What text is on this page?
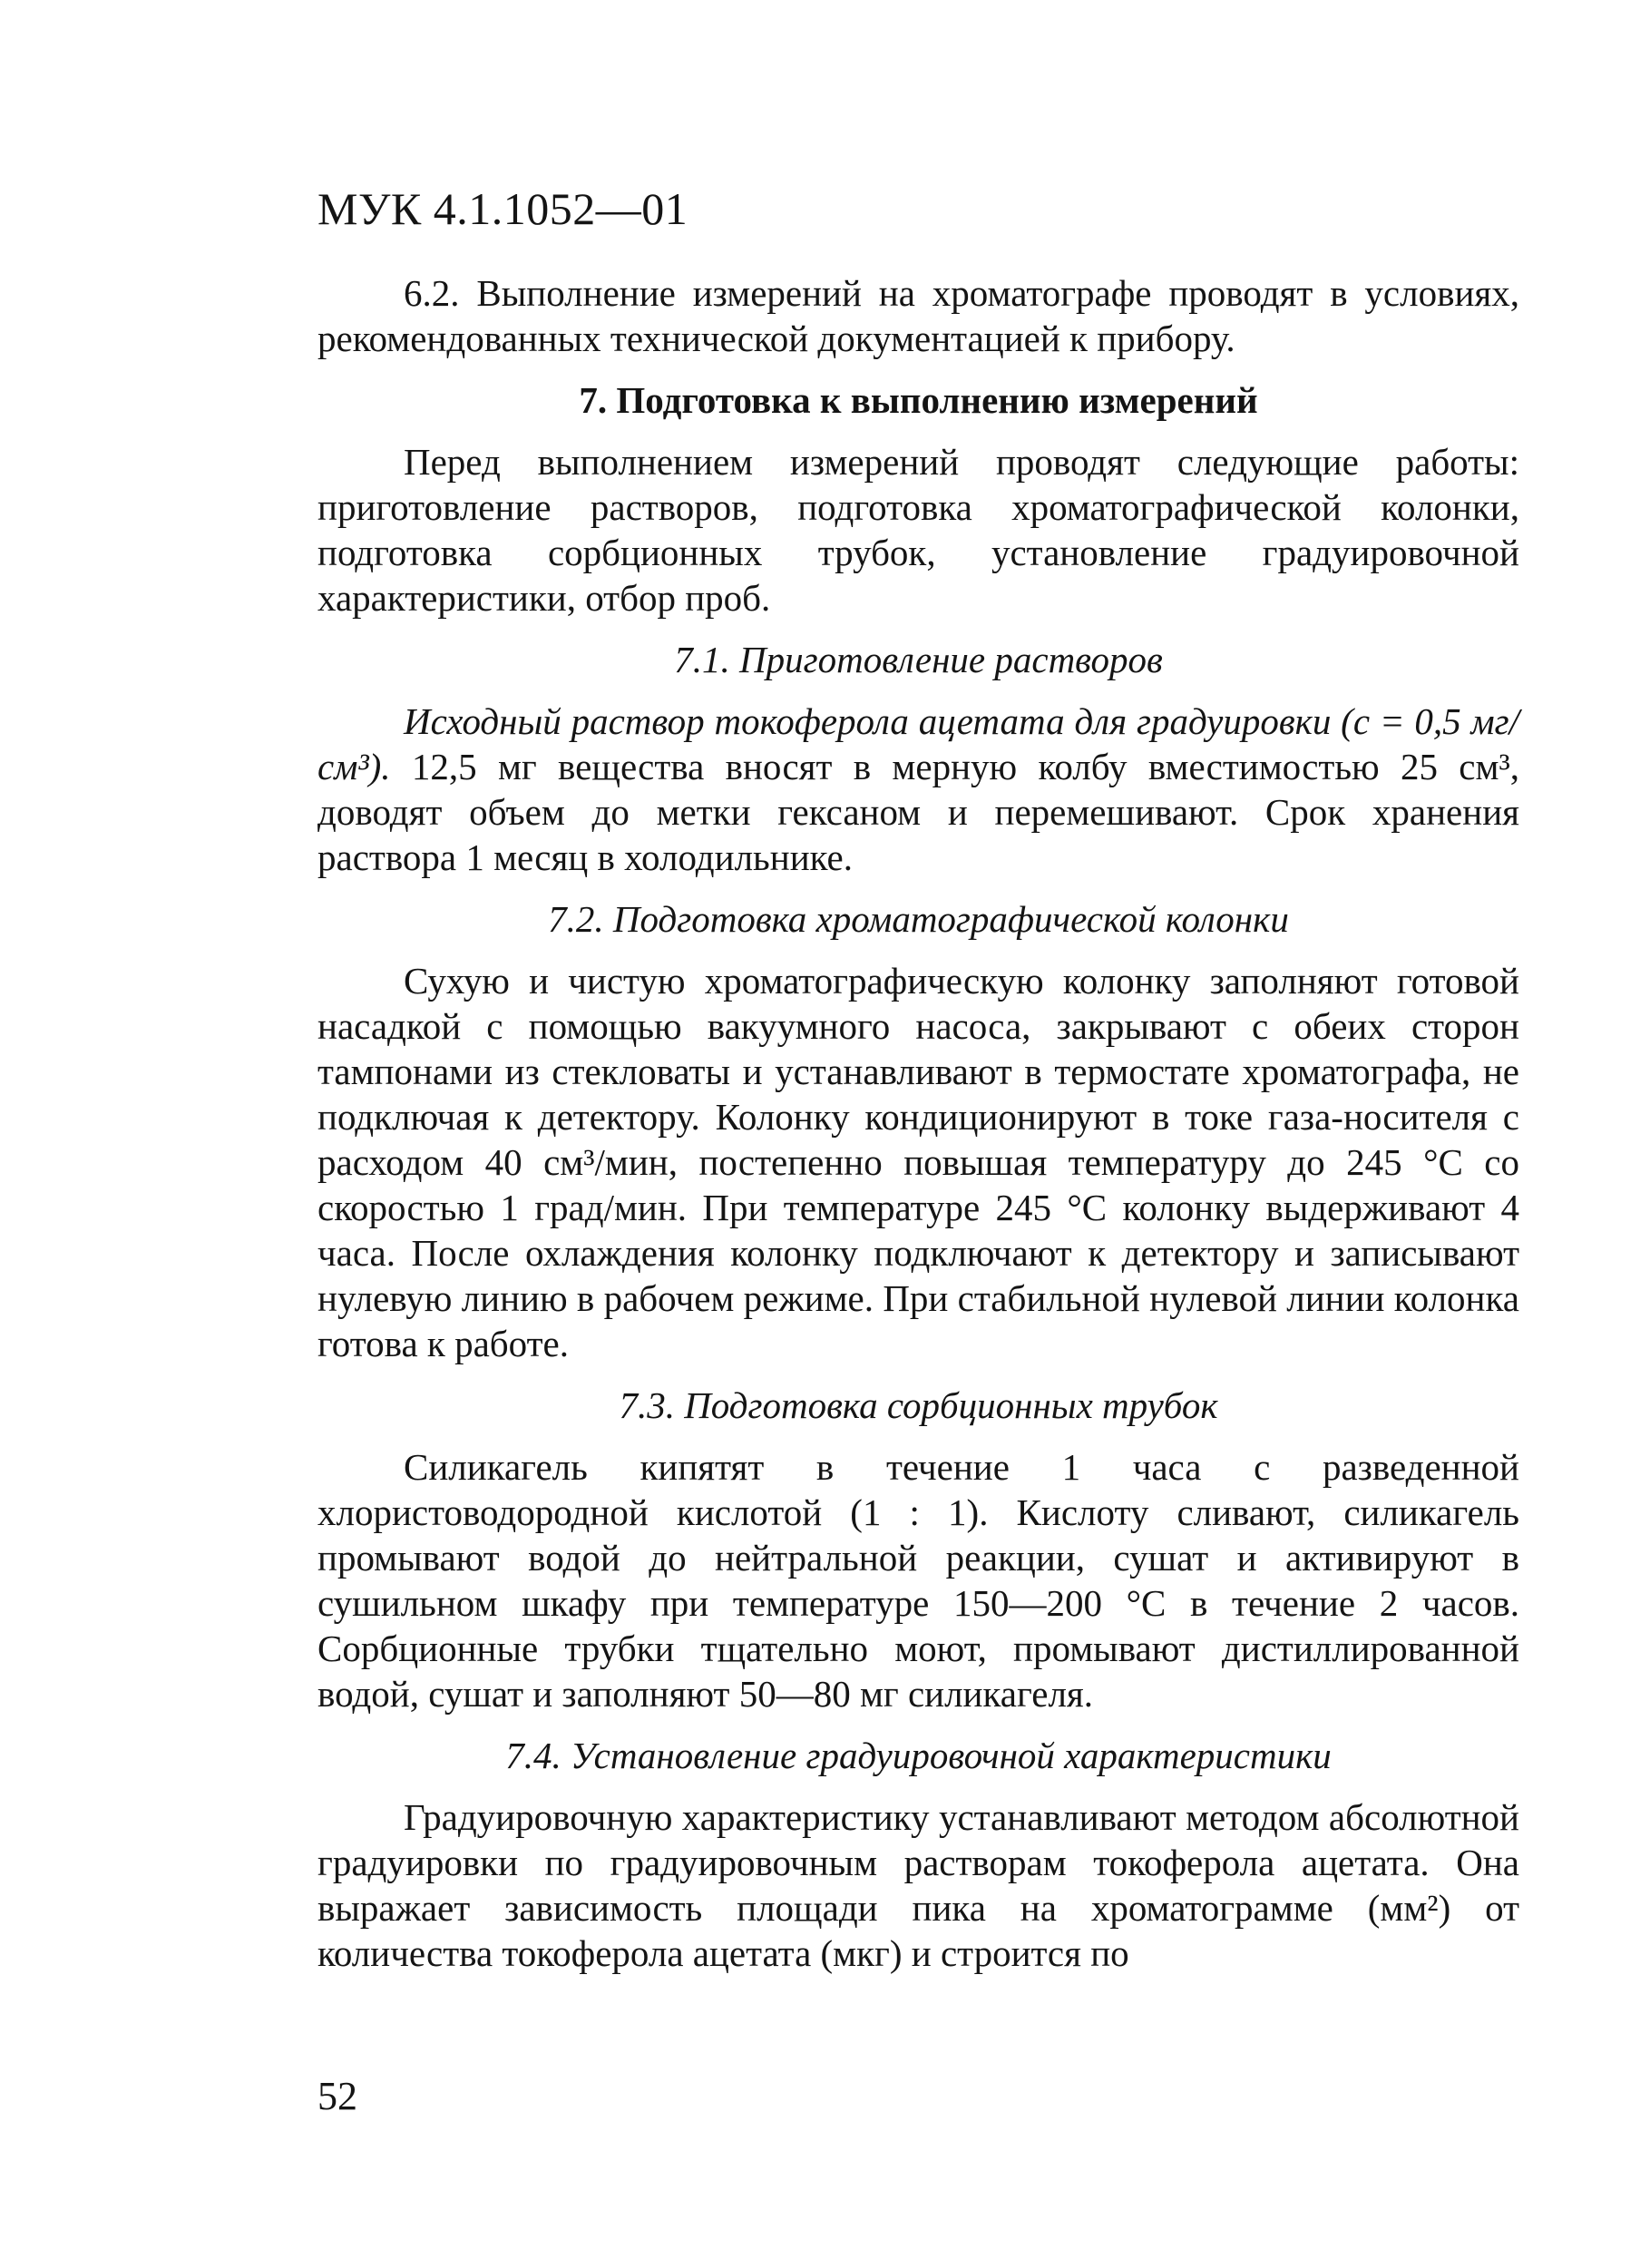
МУК 4.1.1052—01

6.2. Выполнение измерений на хроматографе проводят в условиях, рекомендованных технической документацией к прибору.

7. Подготовка к выполнению измерений

Перед выполнением измерений проводят следующие работы: приготовление растворов, подготовка хроматографической колонки, подготовка сорбционных трубок, установление градуировочной характеристики, отбор проб.

7.1. Приготовление растворов

Исходный раствор токоферола ацетата для градуировки (с = 0,5 мг/см³). 12,5 мг вещества вносят в мерную колбу вместимостью 25 см³, доводят объем до метки гексаном и перемешивают. Срок хранения раствора 1 месяц в холодильнике.

7.2. Подготовка хроматографической колонки

Сухую и чистую хроматографическую колонку заполняют готовой насадкой с помощью вакуумного насоса, закрывают с обеих сторон тампонами из стекловаты и устанавливают в термостате хроматографа, не подключая к детектору. Колонку кондиционируют в токе газа-носителя с расходом 40 см³/мин, постепенно повышая температуру до 245 °С со скоростью 1 град/мин. При температуре 245 °С колонку выдерживают 4 часа. После охлаждения колонку подключают к детектору и записывают нулевую линию в рабочем режиме. При стабильной нулевой линии колонка готова к работе.

7.3. Подготовка сорбционных трубок

Силикагель кипятят в течение 1 часа с разведенной хлористоводородной кислотой (1 : 1). Кислоту сливают, силикагель промывают водой до нейтральной реакции, сушат и активируют в сушильном шкафу при температуре 150—200 °С в течение 2 часов. Сорбционные трубки тщательно моют, промывают дистиллированной водой, сушат и заполняют 50—80 мг силикагеля.

7.4. Установление градуировочной характеристики

Градуировочную характеристику устанавливают методом абсолютной градуировки по градуировочным растворам токоферола ацетата. Она выражает зависимость площади пика на хроматограмме (мм²) от количества токоферола ацетата (мкг) и строится по

52
